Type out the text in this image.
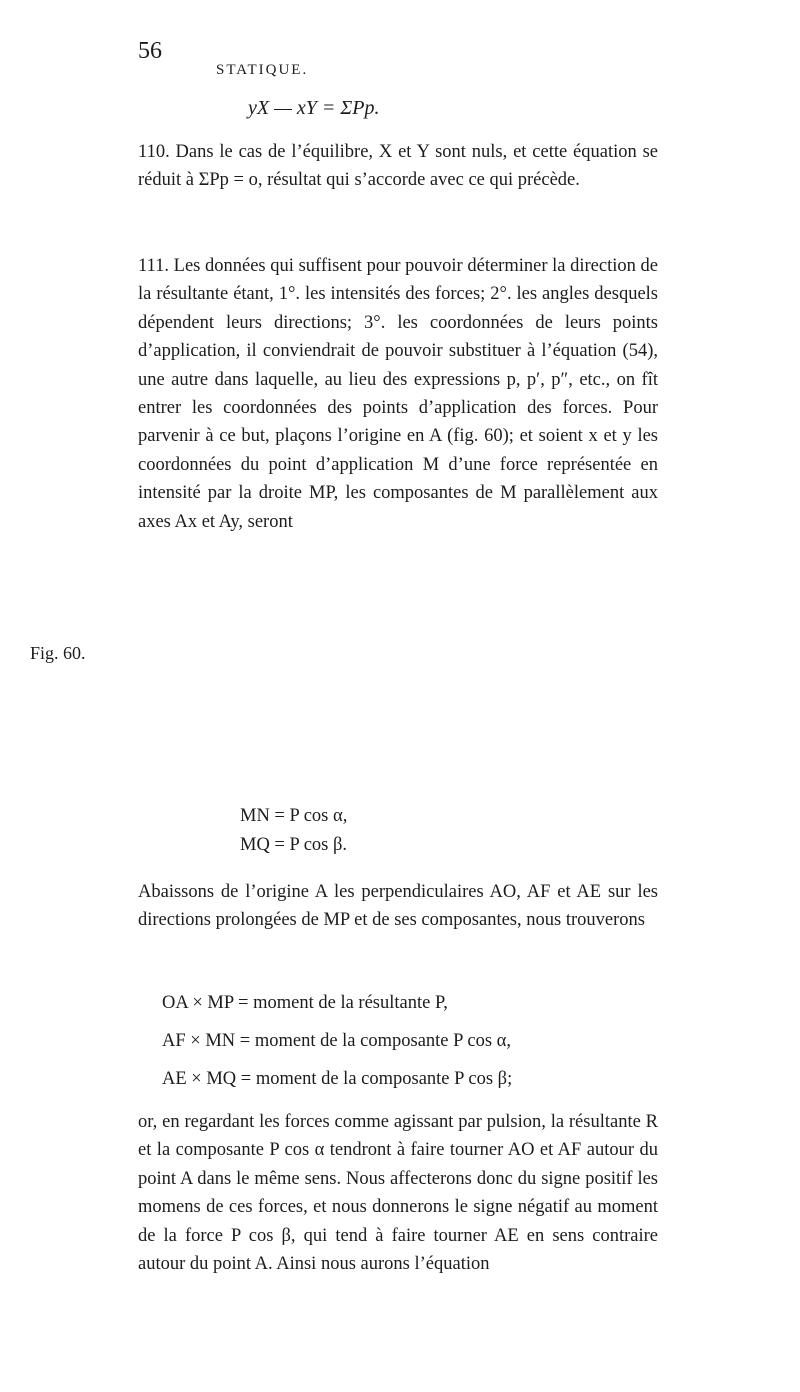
56
STATIQUE.
yX — xY = ΣPp.

110. Dans le cas de l’équilibre, X et Y sont nuls, et cette équation se réduit à ΣPp = o, résultat qui s’accorde avec ce qui précède.

111. Les données qui suffisent pour pouvoir déterminer la direction de la résultante étant, 1°. les intensités des forces; 2°. les angles desquels dépendent leurs directions; 3°. les coordonnées de leurs points d’application, il conviendrait de pouvoir substituer à l’équation (54), une autre dans laquelle, au lieu des expressions p, p′, p″, etc., on fît entrer les coordonnées des points d’application des forces. Pour parvenir à ce but, plaçons l’origine en A (fig. 60); et soient x et y les coordonnées du point d’application M d’une force représentée en intensité par la droite MP, les composantes de M parallèlement aux axes Ax et Ay, seront

Fig. 60.
MN = P cos α,
MQ = P cos β.

Abaissons de l’origine A les perpendiculaires AO, AF et AE sur les directions prolongées de MP et de ses composantes, nous trouverons

OA × MP = moment de la résultante P,
AF × MN = moment de la composante P cos α,
AE × MQ = moment de la composante P cos β;

or, en regardant les forces comme agissant par pulsion, la résultante R et la composante P cos α tendront à faire tourner AO et AF autour du point A dans le même sens. Nous affecterons donc du signe positif les momens de ces forces, et nous donnerons le signe négatif au moment de la force P cos β, qui tend à faire tourner AE en sens contraire autour du point A. Ainsi nous aurons l’équation
